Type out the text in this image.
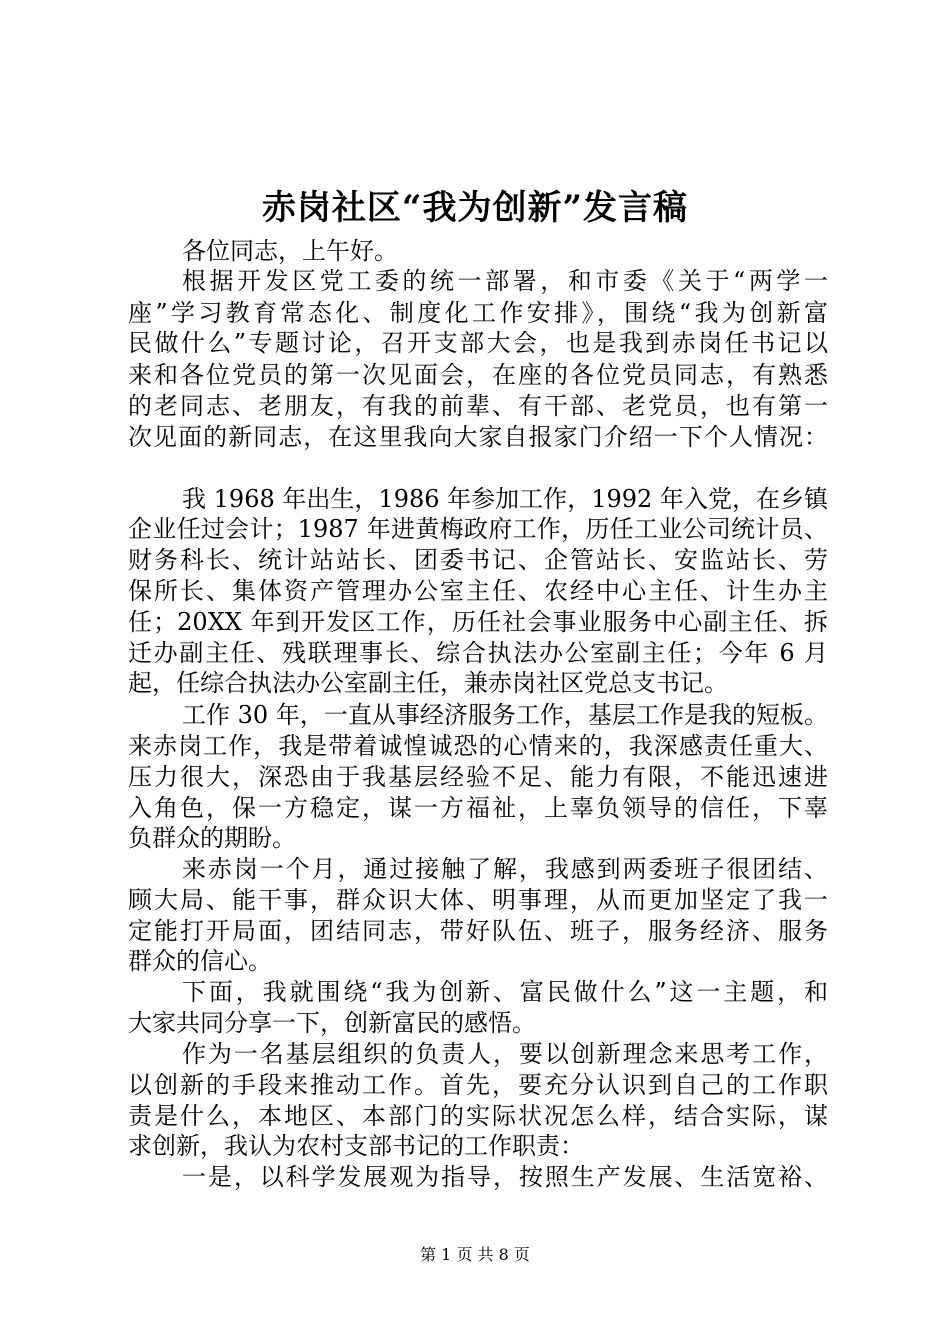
赤岗社区“我为创新”发言稿
各位同志，上午好。
根据开发区党工委的统一部署，和市委《关于“两学一
座”学习教育常态化、制度化工作安排》，围绕“我为创新富
民做什么”专题讨论，召开支部大会，也是我到赤岗任书记以
来和各位党员的第一次见面会，在座的各位党员同志，有熟悉
的老同志、老朋友，有我的前辈、有干部、老党员，也有第一
次见面的新同志，在这里我向大家自报家门介绍一下个人情况：
我 1968 年出生，1986 年参加工作，1992 年入党，在乡镇
企业任过会计；1987 年进黄梅政府工作，历任工业公司统计员、
财务科长、统计站站长、团委书记、企管站长、安监站长、劳
保所长、集体资产管理办公室主任、农经中心主任、计生办主
任；20XX 年到开发区工作，历任社会事业服务中心副主任、拆
迁办副主任、残联理事长、综合执法办公室副主任；今年 6 月
起，任综合执法办公室副主任，兼赤岗社区党总支书记。
工作 30 年，一直从事经济服务工作，基层工作是我的短板。
来赤岗工作，我是带着诚惶诚恐的心情来的，我深感责任重大、
压力很大，深恐由于我基层经验不足、能力有限，不能迅速进
入角色，保一方稳定，谋一方福祉，上辜负领导的信任，下辜
负群众的期盼。
来赤岗一个月，通过接触了解，我感到两委班子很团结、
顾大局、能干事，群众识大体、明事理，从而更加坚定了我一
定能打开局面，团结同志，带好队伍、班子，服务经济、服务
群众的信心。
下面，我就围绕“我为创新、富民做什么”这一主题，和
大家共同分享一下，创新富民的感悟。
作为一名基层组织的负责人，要以创新理念来思考工作，
以创新的手段来推动工作。首先，要充分认识到自己的工作职
责是什么，本地区、本部门的实际状况怎么样，结合实际，谋
求创新，我认为农村支部书记的工作职责：
一是，以科学发展观为指导，按照生产发展、生活宽裕、
第 1 页 共 8 页
